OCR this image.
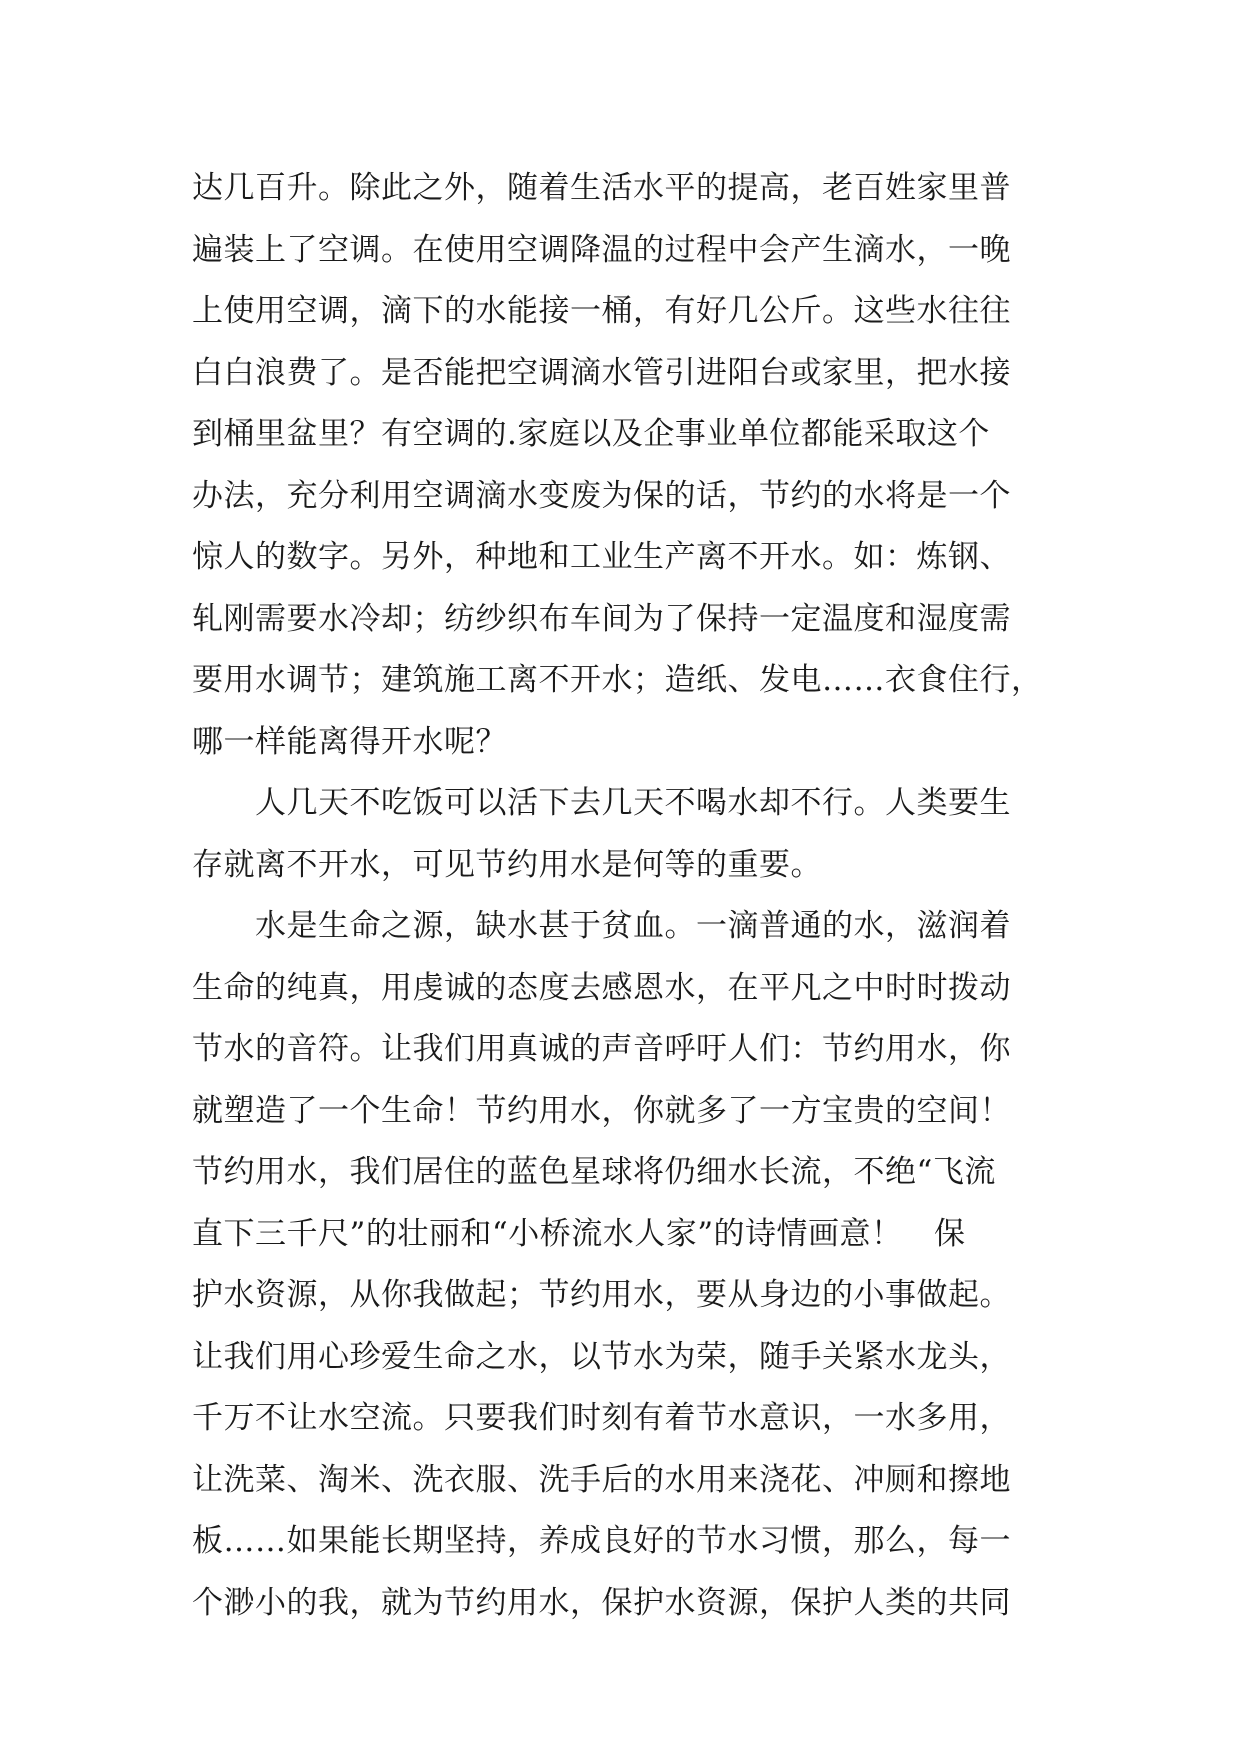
达几百升。除此之外，随着生活水平的提高，老百姓家里普
遍装上了空调。在使用空调降温的过程中会产生滴水，一晚
上使用空调，滴下的水能接一桶，有好几公斤。这些水往往
白白浪费了。是否能把空调滴水管引进阳台或家里，把水接
到桶里盆里？有空调的.家庭以及企事业单位都能采取这个
办法，充分利用空调滴水变废为保的话，节约的水将是一个
惊人的数字。另外，种地和工业生产离不开水。如：炼钢、
轧刚需要水冷却；纺纱织布车间为了保持一定温度和湿度需
要用水调节；建筑施工离不开水；造纸、发电……衣食住行，
哪一样能离得开水呢？
　　人几天不吃饭可以活下去几天不喝水却不行。人类要生
存就离不开水，可见节约用水是何等的重要。
　　水是生命之源，缺水甚于贫血。一滴普通的水，滋润着
生命的纯真，用虔诚的态度去感恩水，在平凡之中时时拨动
节水的音符。让我们用真诚的声音呼吁人们：节约用水，你
就塑造了一个生命！节约用水，你就多了一方宝贵的空间！
节约用水，我们居住的蓝色星球将仍细水长流，不绝“飞流
直下三千尺”的壮丽和“小桥流水人家”的诗情画意！　保
护水资源，从你我做起；节约用水，要从身边的小事做起。
让我们用心珍爱生命之水，以节水为荣，随手关紧水龙头，
千万不让水空流。只要我们时刻有着节水意识，一水多用，
让洗菜、淘米、洗衣服、洗手后的水用来浇花、冲厕和擦地
板……如果能长期坚持，养成良好的节水习惯，那么，每一
个渺小的我，就为节约用水，保护水资源，保护人类的共同
